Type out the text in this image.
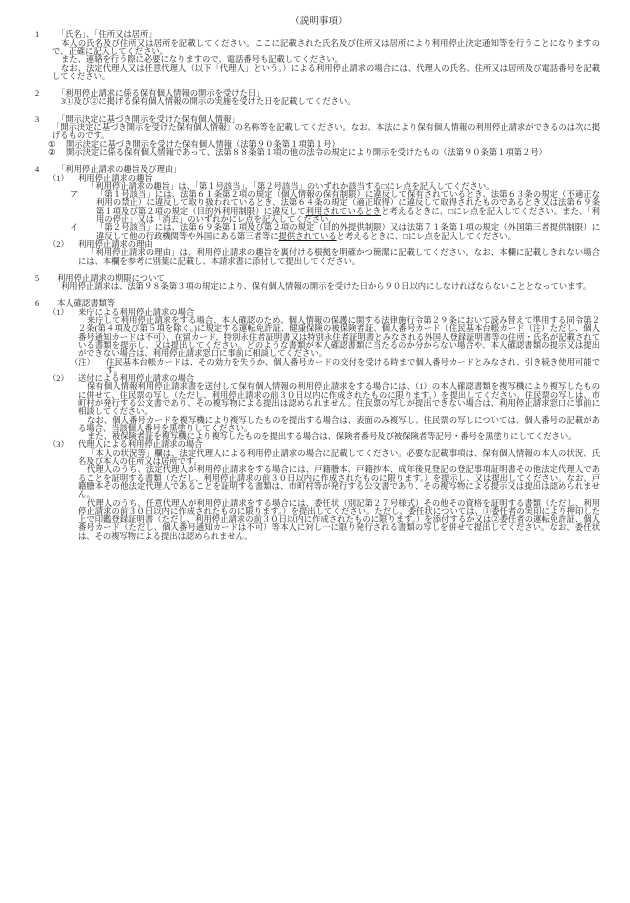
（説明事項）
1	「氏名」、「住所又は居所」
本人の氏名及び住所又は居所を記載してください。ここに記載された氏名及び住所又は居所により利用停止決定通知等を行うことになりますので、正確に記入してください。
また、連絡を行う際に必要になりますので、電話番号も記載してください。
なお、法定代理人又は任意代理人（以下「代理人」という。）による利用停止請求の場合には、代理人の氏名、住所又は居所及び電話番号を記載してください。
2	「利用停止請求に係る保有個人情報の開示を受けた日」
3①及び②に掲げる保有個人情報の開示の実施を受けた日を記載してください。
3	「開示決定に基づき開示を受けた保有個人情報」
「開示決定に基づき開示を受けた保有個人情報」の名称等を記載してください。なお、本法により保有個人情報の利用停止請求ができるのは次に掲げるものです。
①	開示決定に基づき開示を受けた保有個人情報（法第９０条第１項第１号）
②	開示決定に係る保有個人情報であって、法第８８条第１項の他の法令の規定により開示を受けたもの（法第９０条第１項第２号）
4	「利用停止請求の趣旨及び理由」
（1）	利用停止請求の趣旨
「利用停止請求の趣旨」は、「第１号該当」、「第２号該当」のいずれか該当する□にレ点を記入してください。
ア	「第１号該当」には、法第６１条第２項の規定（個人情報の保有制限）に違反して保有されているとき、法第６３条の規定（不適正な利用の禁止）に違反して取り扱われているとき、法第６４条の規定（適正取得）に違反して取得されたものであるとき又は法第６９条第１項及び第２項の規定（目的外利用制限）に違反して利用されているときと考えるときに、□にレ点を記入してください。また、「利用の停止」又は「消去」のいずれかにレ点を記入してください。
イ	「第２号該当」には、法第６９条第１項及び第２項の規定（目的外提供制限）又は法第７１条第１項の規定（外国第三者提供制限）に違反して他の行政機関等や外国にある第三者等に提供されていると考えるときに、□にレ点を記入してください。
（2）	利用停止請求の理由
「利用停止請求の理由」は、利用停止請求の趣旨を裏付ける根拠を明確かつ簡潔に記載してください。なお、本欄に記載しきれない場合には、本欄を参考に別葉に記載し、本請求書に添付して提出してください。
5	利用停止請求の期限について
利用停止請求は、法第９８条第３項の規定により、保有個人情報の開示を受けた日から９０日以内にしなければならないこととなっています。
6	本人確認書類等
（1）	来庁による利用停止請求の場合
来庁して利用停止請求をする場合、本人確認のため、個人情報の保護に関する法律施行令第２９条において読み替えて準用する同令第２２条(第４項及び第５項を除く。)に規定する運転免許証、健康保険の被保険者証、個人番号カード（住民基本台帳カード（注）ただし、個人番号通知カードは不可）、在留カード、特別永住者証明書又は特別永住者証明書とみなされる外国人登録証明書等の住所・氏名が記載されている書類を提示し、又は提出してください。どのような書類が本人確認書類に当たるのか分からない場合や、本人確認書類の提示又は提出ができない場合は、利用停止請求窓口に事前に相談してください。
（注）	住民基本台帳カードは、その効力を失うか、個人番号カードの交付を受ける時まで個人番号カードとみなされ、引き続き使用可能です。
（2）	送付による利用停止請求の場合
保有個人情報利用停止請求書を送付して保有個人情報の利用停止請求をする場合には、（1）の本人確認書類を複写機により複写したものに併せて、住民票の写し（ただし、利用停止請求の前３０日以内に作成されたものに限ります。）を提出してください。住民票の写しは、市町村が発行する公文書であり、その複写物による提出は認められません。住民票の写しが提出できない場合は、利用停止請求窓口に事前に相談してください。
なお、個人番号カードを複写機により複写したものを提出する場合は、表面のみ複写し、住民票の写しについては、個人番号の記載がある場合、当該個人番号を黒塗りしてください。
また、被保険者証を複写機により複写したものを提出する場合は、保険者番号及び被保険者等記号・番号を黒塗りにしてください。
（3）	代理人による利用停止請求の場合
「本人の状況等」欄は、法定代理人による利用停止請求の場合に記載してください。必要な記載事項は、保有個人情報の本人の状況、氏名及び本人の住所又は居所です。
代理人のうち、法定代理人が利用停止請求をする場合には、戸籍謄本、戸籍抄本、成年後見登記の登記事項証明書その他法定代理人であることを証明する書類（ただし、利用停止請求の前３０日以内に作成されたものに限ります。）を提示し、又は提出してください。なお、戸籍謄本その他法定代理人であることを証明する書類は、市町村等が発行する公文書であり、その複写物による提示又は提出は認められません。
代理人のうち、任意代理人が利用停止請求をする場合には、委任状（別記第２７号様式）その他その資格を証明する書類（ただし、利用停止請求の前３０日以内に作成されたものに限ります。）を提出してください。ただし、委任状については、①委任者の実印により押印した上で印鑑登録証明書（ただし、利用停止請求の前３０日以内に作成されたものに限ります。）を添付するか又は②委任者の運転免許証、個人番号カード（ただし、個人番号通知カードは不可）等本人に対し一に限り発行される書類の写しを併せて提出してください。なお、委任状は、その複写物による提出は認められません。
